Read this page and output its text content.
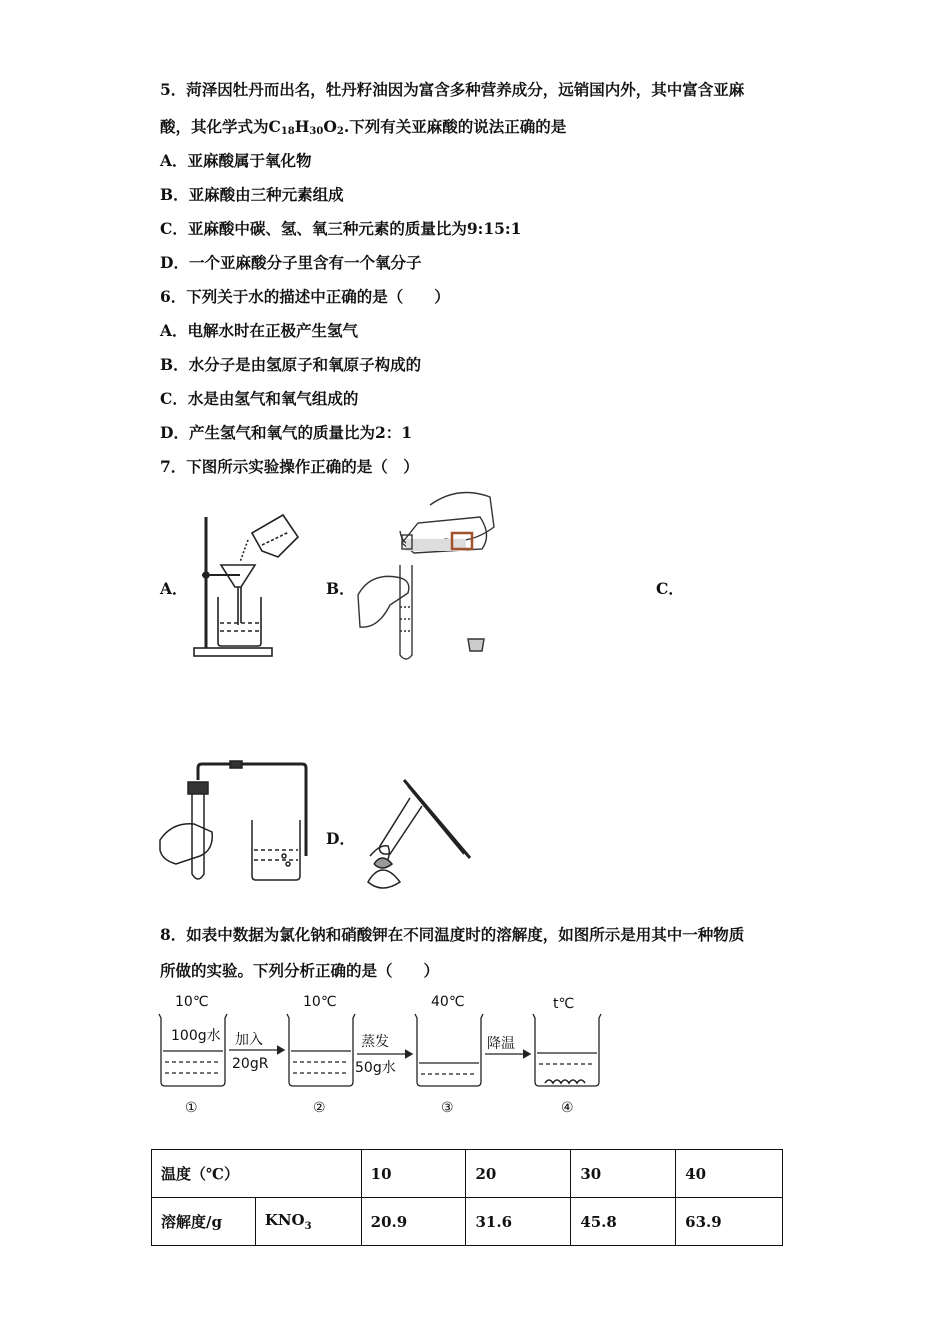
5．菏泽因牡丹而出名，牡丹籽油因为富含多种营养成分，远销国内外，其中富含亚麻
酸，其化学式为$C_{18}H_{30}O_2$.下列有关亚麻酸的说法正确的是
A．亚麻酸属于氧化物
B．亚麻酸由三种元素组成
C．亚麻酸中碳、氢、氧三种元素的质量比为9:15:1
D．一个亚麻酸分子里含有一个氧分子
6．下列关于水的描述中正确的是（　　）
A．电解水时在正极产生氢气
B．水分子是由氢原子和氧原子构成的
C．水是由氢气和氧气组成的
D．产生氢气和氧气的质量比为2：1
7．下图所示实验操作正确的是（　）
A．	B．	C．
D．
8．如表中数据为氯化钠和硝酸钾在不同温度时的溶解度，如图所示是用其中一种物质
所做的实验。下列分析正确的是（　　）
10℃	10℃	40℃	t℃
100g水 加入
20gR
蒸发
50g水
降温
①	②	③	④
温度（℃）		10	20	30	40
溶解度/g	$KNO_3$	20.9	31.6	45.8	63.9
